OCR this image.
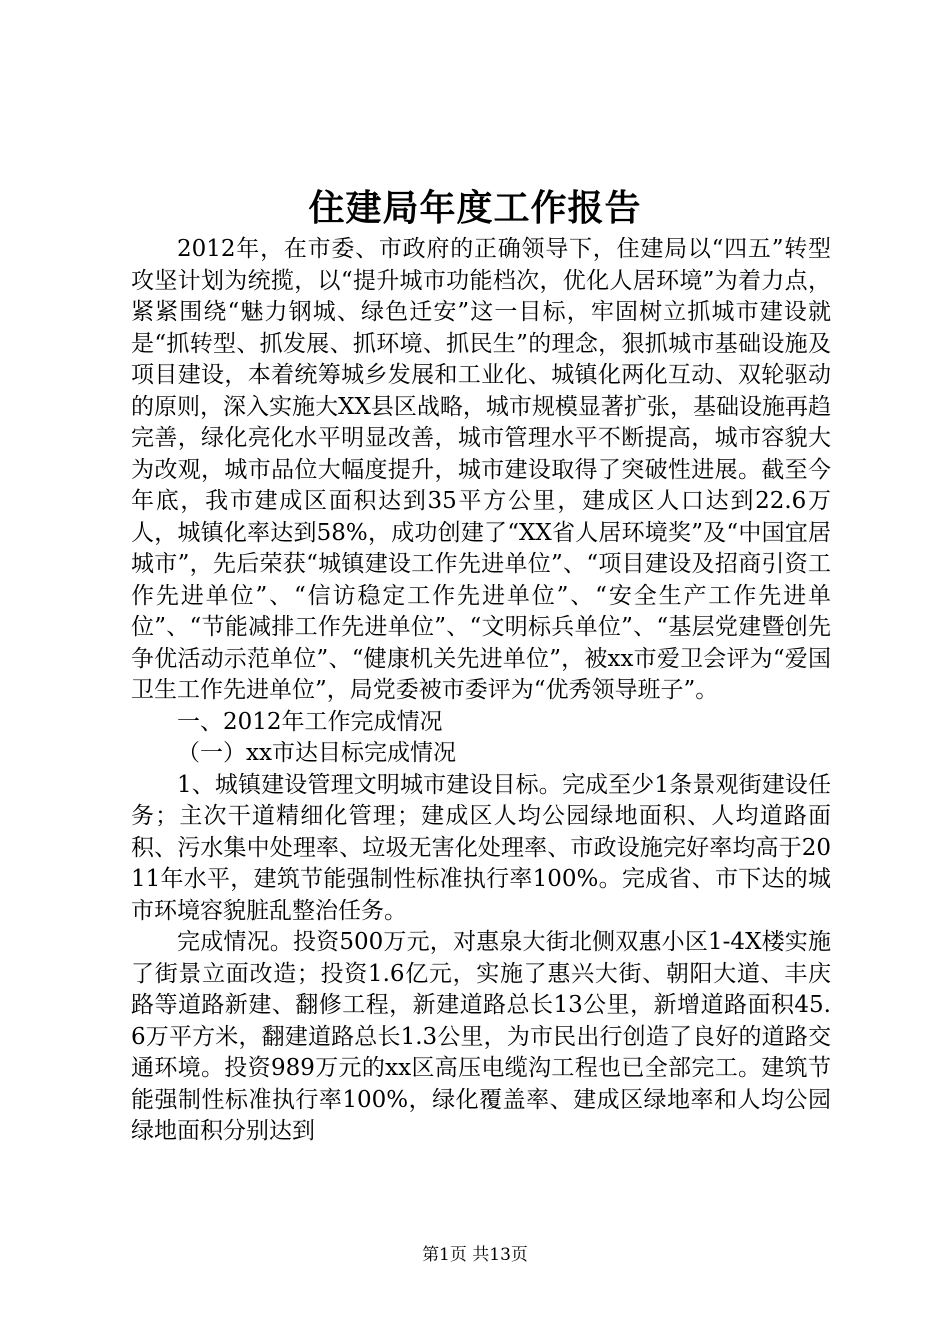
住建局年度工作报告

2012年，在市委、市政府的正确领导下，住建局以“四五”转型攻坚计划为统揽，以“提升城市功能档次，优化人居环境”为着力点，紧紧围绕“魅力钢城、绿色迁安”这一目标，牢固树立抓城市建设就是“抓转型、抓发展、抓环境、抓民生”的理念，狠抓城市基础设施及项目建设，本着统筹城乡发展和工业化、城镇化两化互动、双轮驱动的原则，深入实施大XX县区战略，城市规模显著扩张，基础设施再趋完善，绿化亮化水平明显改善，城市管理水平不断提高，城市容貌大为改观，城市品位大幅度提升，城市建设取得了突破性进展。截至今年底，我市建成区面积达到35平方公里，建成区人口达到22.6万人，城镇化率达到58%，成功创建了“XX省人居环境奖”及“中国宜居城市”，先后荣获“城镇建设工作先进单位”、“项目建设及招商引资工作先进单位”、“信访稳定工作先进单位”、“安全生产工作先进单位”、“节能减排工作先进单位”、“文明标兵单位”、“基层党建暨创先争优活动示范单位”、“健康机关先进单位”，被xx市爱卫会评为“爱国卫生工作先进单位”，局党委被市委评为“优秀领导班子”。

一、2012年工作完成情况

（一）xx市达目标完成情况

1、城镇建设管理文明城市建设目标。完成至少1条景观街建设任务；主次干道精细化管理；建成区人均公园绿地面积、人均道路面积、污水集中处理率、垃圾无害化处理率、市政设施完好率均高于2011年水平，建筑节能强制性标准执行率100%。完成省、市下达的城市环境容貌脏乱整治任务。

完成情况。投资500万元，对惠泉大街北侧双惠小区1-4X楼实施了街景立面改造；投资1.6亿元，实施了惠兴大街、朝阳大道、丰庆路等道路新建、翻修工程，新建道路总长13公里，新增道路面积45.6万平方米，翻建道路总长1.3公里，为市民出行创造了良好的道路交通环境。投资989万元的xx区高压电缆沟工程也已全部完工。建筑节能强制性标准执行率100%，绿化覆盖率、建成区绿地率和人均公园绿地面积分别达到

第1页 共13页
